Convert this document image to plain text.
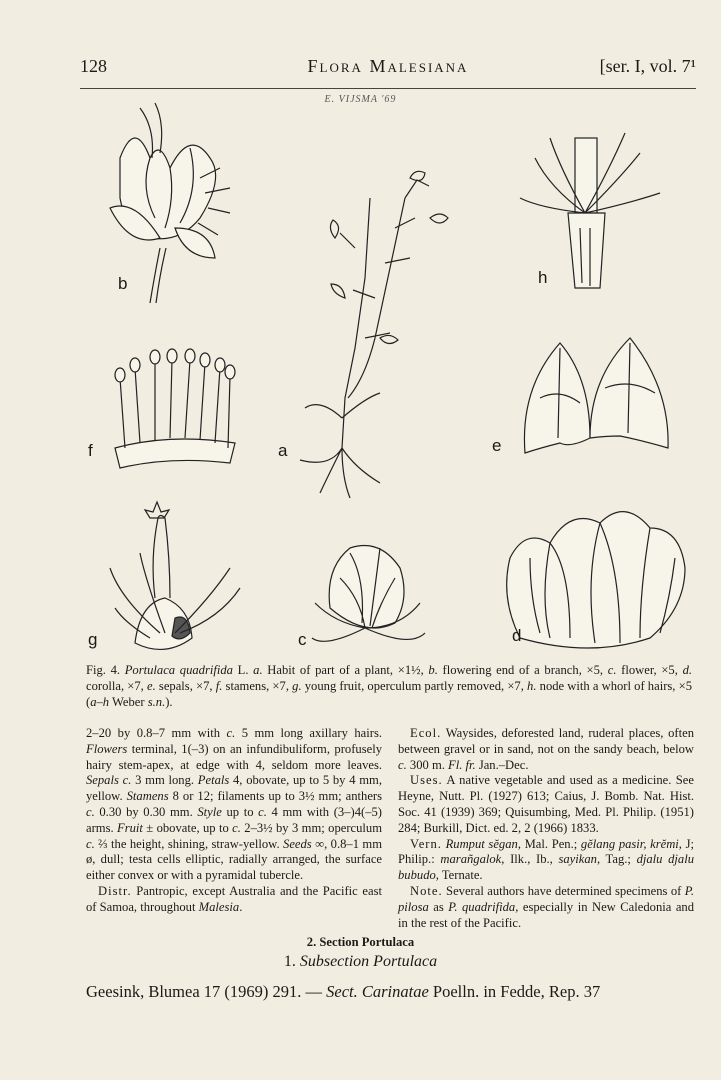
128	Flora Malesiana	[ser. I, vol. 7¹
E. VIJSMA '69
b	h
f	a	e
g	c	d
Fig. 4. Portulaca quadrifida L. a. Habit of part of a plant, ×1½, b. flowering end of a branch, ×5, c. flower, ×5, d. corolla, ×7, e. sepals, ×7, f. stamens, ×7, g. young fruit, operculum partly removed, ×7, h. node with a whorl of hairs, ×5 (a–h Weber s.n.).

2–20 by 0.8–7 mm with c. 5 mm long axillary hairs. Flowers terminal, 1(–3) on an infundibuliform, profusely hairy stem-apex, at edge with 4, seldom more leaves. Sepals c. 3 mm long. Petals 4, obovate, up to 5 by 4 mm, yellow. Stamens 8 or 12; filaments up to 3½ mm; anthers c. 0.30 by 0.30 mm. Style up to c. 4 mm with (3–)4(–5) arms. Fruit ± obovate, up to c. 2–3½ by 3 mm; operculum c. ⅔ the height, shining, straw-yellow. Seeds ∞, 0.8–1 mm ø, dull; testa cells elliptic, radially arranged, the surface either convex or with a pyramidal tubercle.

Distr. Pantropic, except Australia and the Pacific east of Samoa, throughout Malesia.

Ecol. Waysides, deforested land, ruderal places, often between gravel or in sand, not on the sandy beach, below c. 300 m. Fl. fr. Jan.–Dec.

Uses. A native vegetable and used as a medicine. See Heyne, Nutt. Pl. (1927) 613; Caius, J. Bomb. Nat. Hist. Soc. 41 (1939) 369; Quisumbing, Med. Pl. Philip. (1951) 284; Burkill, Dict. ed. 2, 2 (1966) 1833.

Vern. Rumput sĕgan, Mal. Pen.; gĕlang pasir, krĕmi, J; Philip.: marañgalok, Ilk., Ib., sayikan, Tag.; djalu djalu bubudo, Ternate.

Note. Several authors have determined specimens of P. pilosa as P. quadrifida, especially in New Caledonia and in the rest of the Pacific.

2. Section Portulaca
1. Subsection Portulaca
Geesink, Blumea 17 (1969) 291. — Sect. Carinatae Poelln. in Fedde, Rep. 37
